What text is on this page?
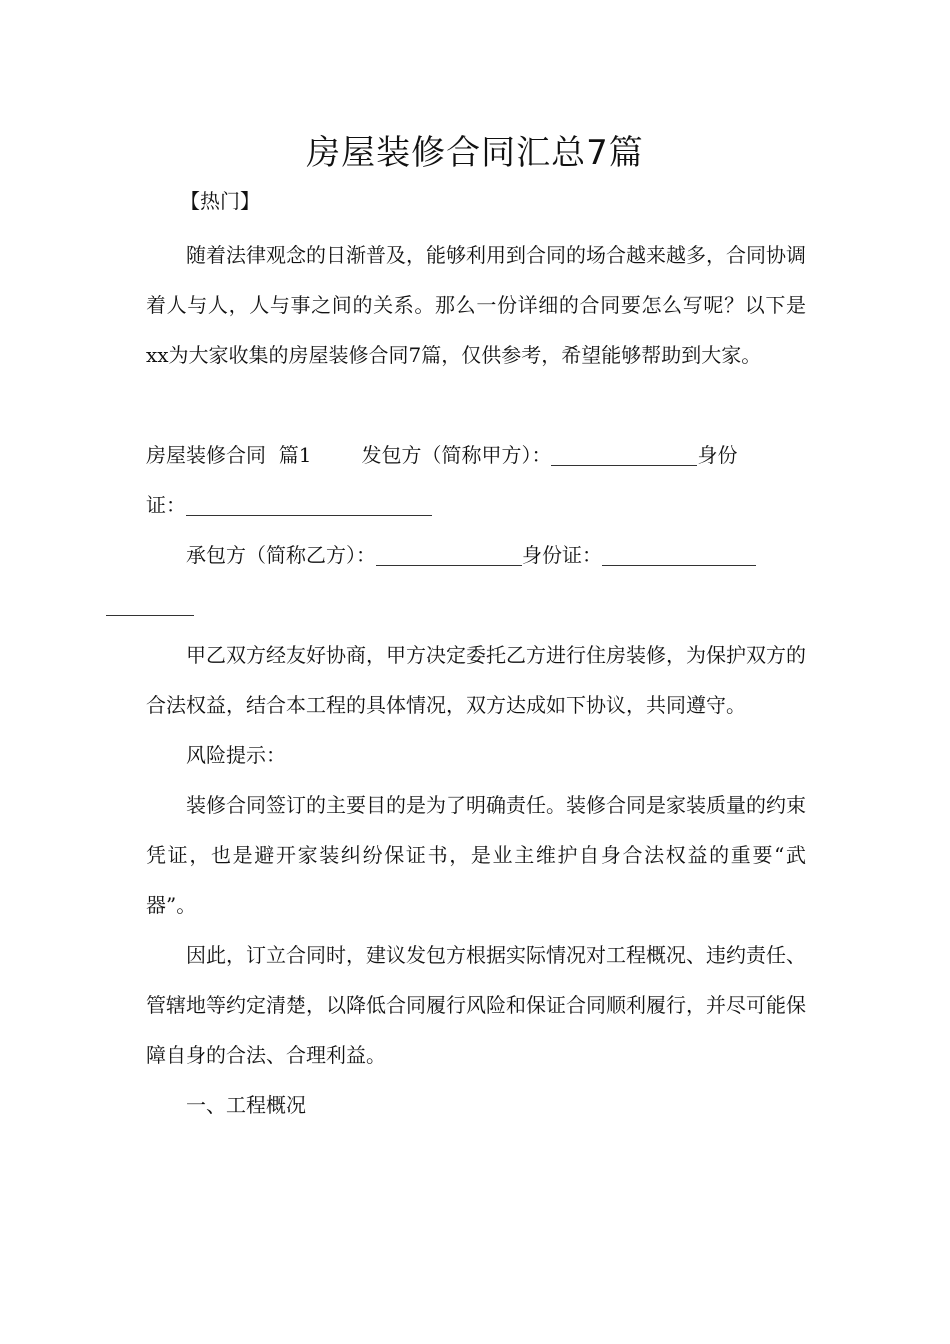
房屋装修合同汇总7篇
【热门】

随着法律观念的日渐普及，能够利用到合同的场合越来越多，合同协调着人与人，人与事之间的关系。那么一份详细的合同要怎么写呢？以下是xx为大家收集的房屋装修合同7篇，仅供参考，希望能够帮助到大家。

房屋装修合同  篇1	发包方（简称甲方）：	身份
证：

承包方（简称乙方）：	身份证：

甲乙双方经友好协商，甲方决定委托乙方进行住房装修，为保护双方的合法权益，结合本工程的具体情况，双方达成如下协议，共同遵守。

风险提示：

装修合同签订的主要目的是为了明确责任。装修合同是家装质量的约束凭证，也是避开家装纠纷保证书，是业主维护自身合法权益的重要“武器”。

因此，订立合同时，建议发包方根据实际情况对工程概况、违约责任、管辖地等约定清楚，以降低合同履行风险和保证合同顺利履行，并尽可能保障自身的合法、合理利益。

一、工程概况
